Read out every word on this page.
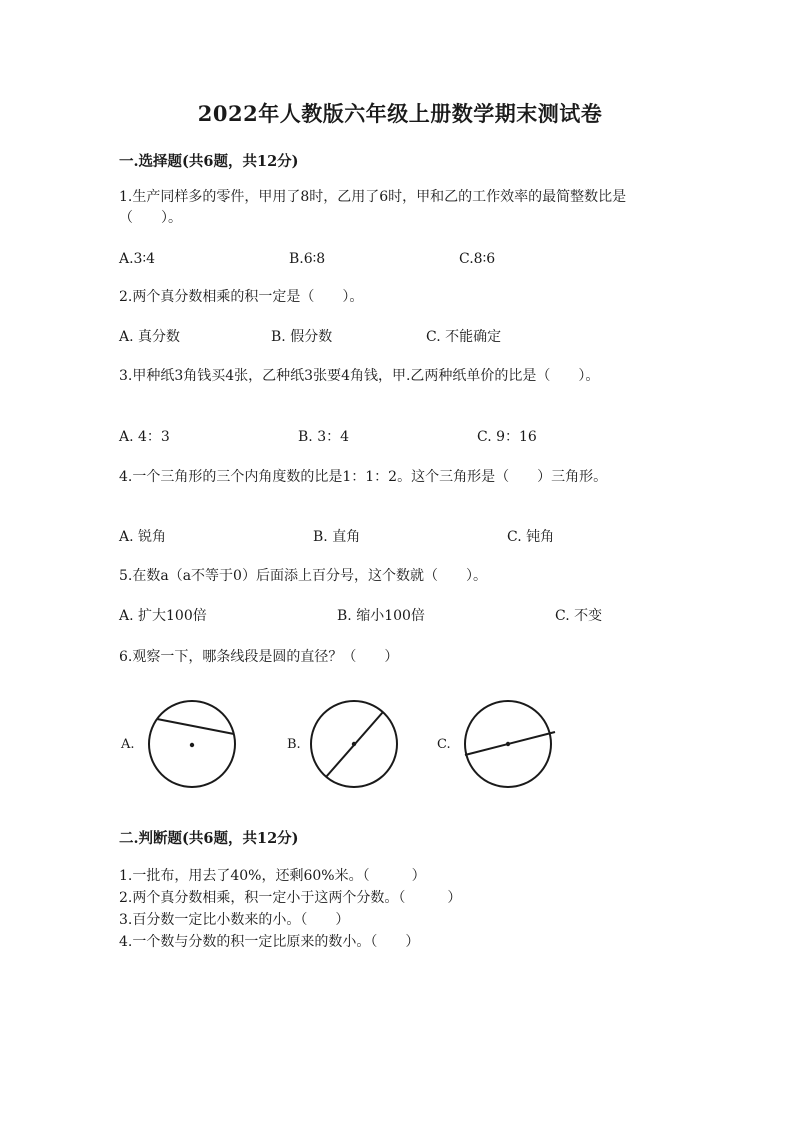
2022年人教版六年级上册数学期末测试卷
一.选择题(共6题，共12分)
1.生产同样多的零件，甲用了8时，乙用了6时，甲和乙的工作效率的最简整数比是（　　）。
A.3∶4	B.6∶8	C.8∶6
2.两个真分数相乘的积一定是（　　）。
A. 真分数	B. 假分数	C. 不能确定
3.甲种纸3角钱买4张，乙种纸3张要4角钱，甲.乙两种纸单价的比是（　　）。
A. 4：3	B. 3：4	C. 9：16
4.一个三角形的三个内角度数的比是1：1：2。这个三角形是（　　）三角形。
A. 锐角	B. 直角	C. 钝角
5.在数a（a不等于0）后面添上百分号，这个数就（　　）。
A. 扩大100倍	B. 缩小100倍	C. 不变
6.观察一下，哪条线段是圆的直径？（　　）
A.	B.	C.
二.判断题(共6题，共12分)
1.一批布，用去了40%，还剩60%米。（　　　）
2.两个真分数相乘，积一定小于这两个分数。（　　　）
3.百分数一定比小数来的小。（　　）
4.一个数与分数的积一定比原来的数小。（　　）
